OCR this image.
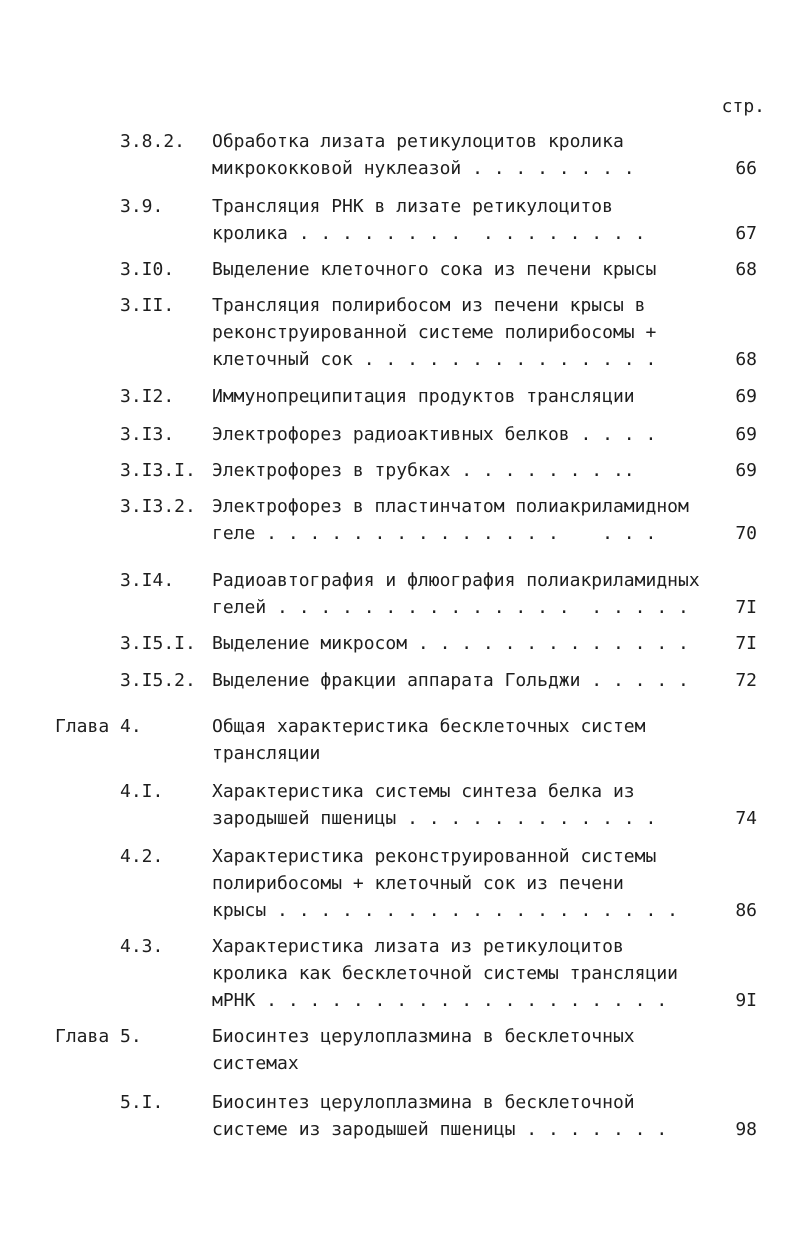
стр.
3.8.2. Обработка лизата ретикулоцитов кролика
микрококковой нуклеазой . . . . . . . .	66
3.9.	Трансляция РНК в лизате ретикулоцитов
кролика . . . . . . . .  . . . . . . . .	67
3.I0. Выделение клеточного сока из печени крысы	68
3.II. Трансляция полирибосом из печени крысы в
реконструированной системе полирибосомы +
клеточный сок . . . . . . . . . . . . . .	68
3.I2. Иммунопреципитация продуктов трансляции	69
3.I3. Электрофорез радиоактивных белков . . . .	69
3.I3.I. Электрофорез в трубках . . . . . . . ..	69
3.I3.2. Электрофорез в пластинчатом полиакриламидном
геле . . . . . . . . . . . . . .    . . .	70
3.I4. Радиоавтография и флюография полиакриламидных
гелей . . . . . . . . . . . . . .  . . . . .	7I
3.I5.I. Выделение микросом . . . . . . . . . . . . .	7I
3.I5.2. Выделение фракции аппарата Гольджи . . . . .	72
Глава 4.	Общая характеристика бесклеточных систем
трансляции
4.I.	Характеристика системы синтеза белка из
зародышей пшеницы . . . . . . . . . . . .	74
4.2.	Характеристика реконструированной системы
полирибосомы + клеточный сок из печени
крысы . . . . . . . . . . . . . . . . . . .	86
4.3.	Характеристика лизата из ретикулоцитов
кролика как бесклеточной системы трансляции
мРНК . . . . . . . . . . . . . . . . . . .	9I
Глава 5.	Биосинтез церулоплазмина в бесклеточных
системах
5.I.	Биосинтез церулоплазмина в бесклеточной
системе из зародышей пшеницы . . . . . . .	98
